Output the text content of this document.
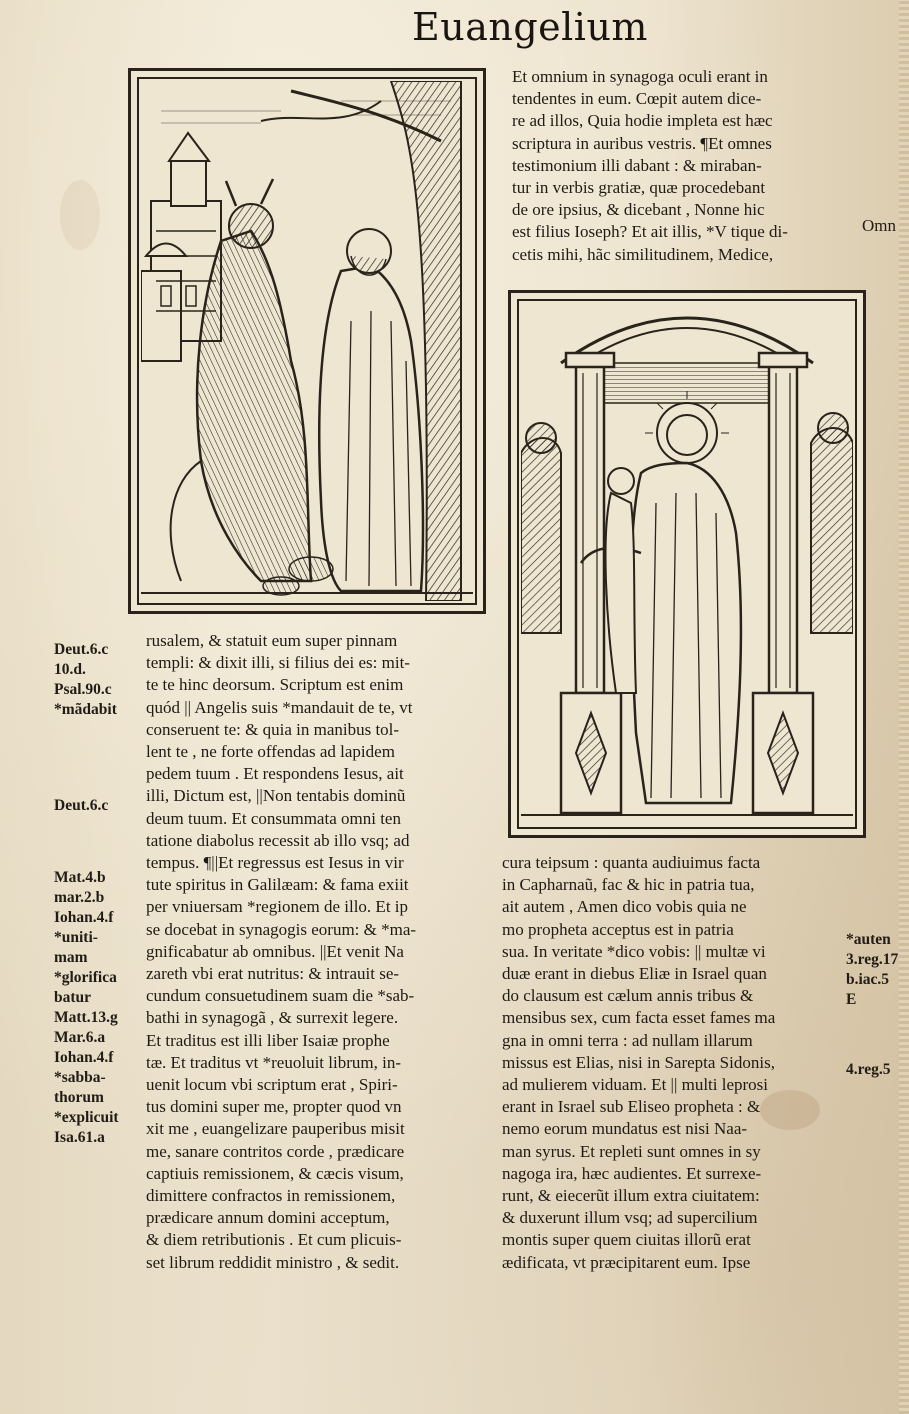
Euangelium
Deut.6.c
10.d.
Psal.90.c
*mãdabit
Deut.6.c
Mat.4.b
mar.2.b
Iohan.4.f
*uniti-
mam
*glorifica
batur
Matt.13.g
Mar.6.a
Iohan.4.f
*sabba-
thorum
*explicuit
Isa.61.a
rusalem, & statuit eum super pinnam
templi: & dixit illi, si filius dei es: mit-
te te hinc deorsum. Scriptum est enim
quód || Angelis suis *mandauit de te, vt
conseruent te: & quia in manibus tol-
lent te , ne forte offendas ad lapidem
pedem tuum . Et respondens Iesus, ait
illi, Dictum est, ||Non tentabis dominũ
deum tuum. Et consummata omni ten
tatione diabolus recessit ab illo vsq; ad
tempus. ¶||Et regressus est Iesus in vir
tute spiritus in Galilæam: & fama exiit
per vniuersam *regionem de illo. Et ip
se docebat in synagogis eorum: & *ma-
gnificabatur ab omnibus. ||Et venit Na
zareth vbi erat nutritus: & intrauit se-
cundum consuetudinem suam die *sab-
bathi in synagogã , & surrexit legere.
Et traditus est illi liber Isaiæ prophe
tæ. Et traditus vt *reuoluit librum, in-
uenit locum vbi scriptum erat , Spiri-
tus domini super me, propter quod vn
xit me , euangelizare pauperibus misit
me, sanare contritos corde , prædicare
captiuis remissionem, & cæcis visum,
dimittere confractos in remissionem,
prædicare annum domini acceptum,
& diem retributionis . Et cum plicuis-
set librum reddidit ministro , & sedit.
Et omnium in synagoga oculi erant in
tendentes in eum. Cœpit autem dice-
re ad illos, Quia hodie impleta est hæc
scriptura in auribus vestris. ¶Et omnes
testimonium illi dabant : & miraban-
tur in verbis gratiæ, quæ procedebant
de ore ipsius, & dicebant , Nonne hic
est filius Ioseph? Et ait illis, *V tique di-
cetis mihi, hãc similitudinem, Medice,
Omn
cura teipsum : quanta audiuimus facta
in Capharnaũ, fac & hic in patria tua,
ait autem , Amen dico vobis quia ne
mo propheta acceptus est in patria
sua. In veritate *dico vobis: || multæ vi
duæ erant in diebus Eliæ in Israel quan
do clausum est cælum annis tribus &
mensibus sex, cum facta esset fames ma
gna in omni terra : ad nullam illarum
missus est Elias, nisi in Sarepta Sidonis,
ad mulierem viduam. Et || multi leprosi
erant in Israel sub Eliseo propheta : &
nemo eorum mundatus est nisi Naa-
man syrus. Et repleti sunt omnes in sy
nagoga ira, hæc audientes. Et surrexe-
runt, & eiecerũt illum extra ciuitatem:
& duxerunt illum vsq; ad supercilium
montis super quem ciuitas illorũ erat
ædificata, vt præcipitarent eum. Ipse
*auten
3.reg.17
b.iac.5
E
4.reg.5
